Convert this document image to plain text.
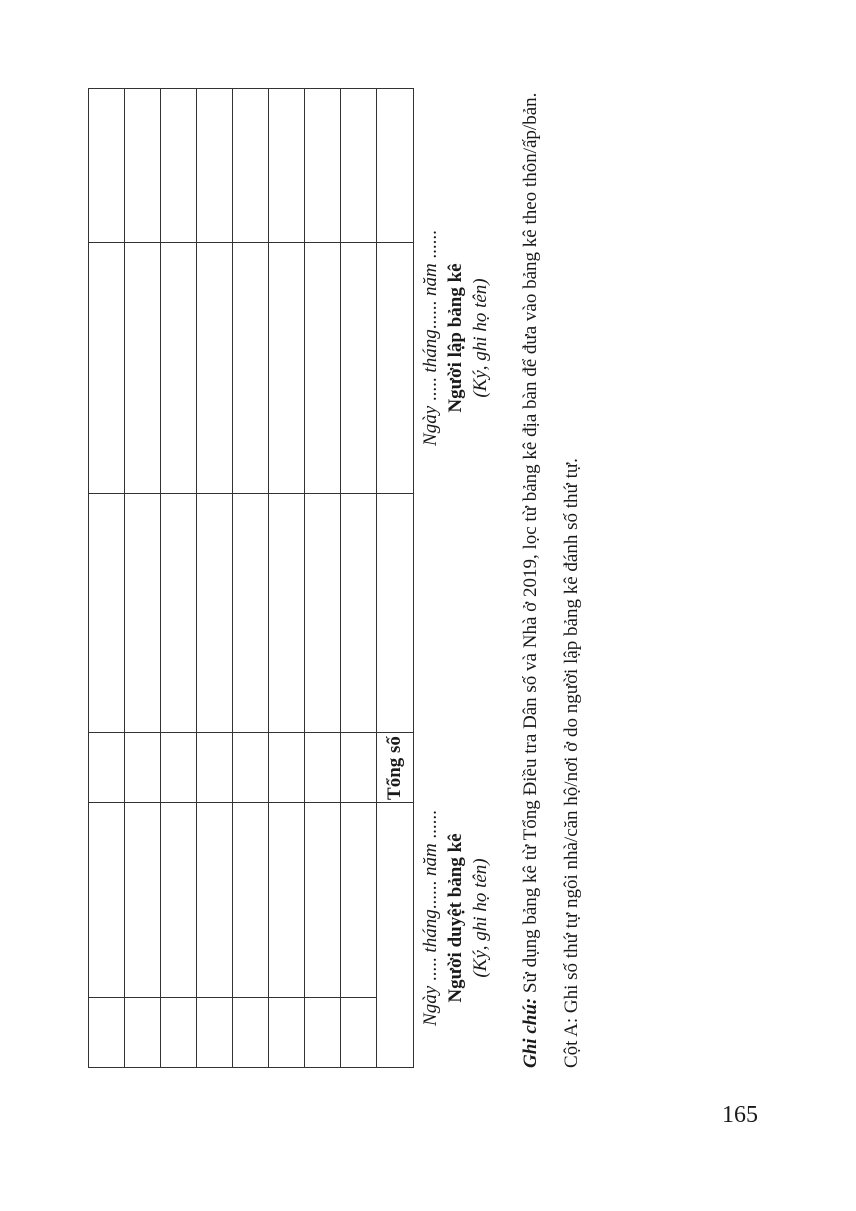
Tổng số
Ngày ..... tháng...... năm ......
Người duyệt bảng kê (Ký, ghi họ tên)
Ngày ..... tháng...... năm ......
Người lập bảng kê (Ký, ghi họ tên)

Ghi chú: Sử dụng bảng kê từ Tổng Điều tra Dân số và Nhà ở 2019, lọc từ bảng kê địa bàn để đưa vào bảng kê theo thôn/ấp/bản. Cột A: Ghi số thứ tự ngôi nhà/căn hộ/nơi ở do người lập bảng kê đánh số thứ tự.

165
